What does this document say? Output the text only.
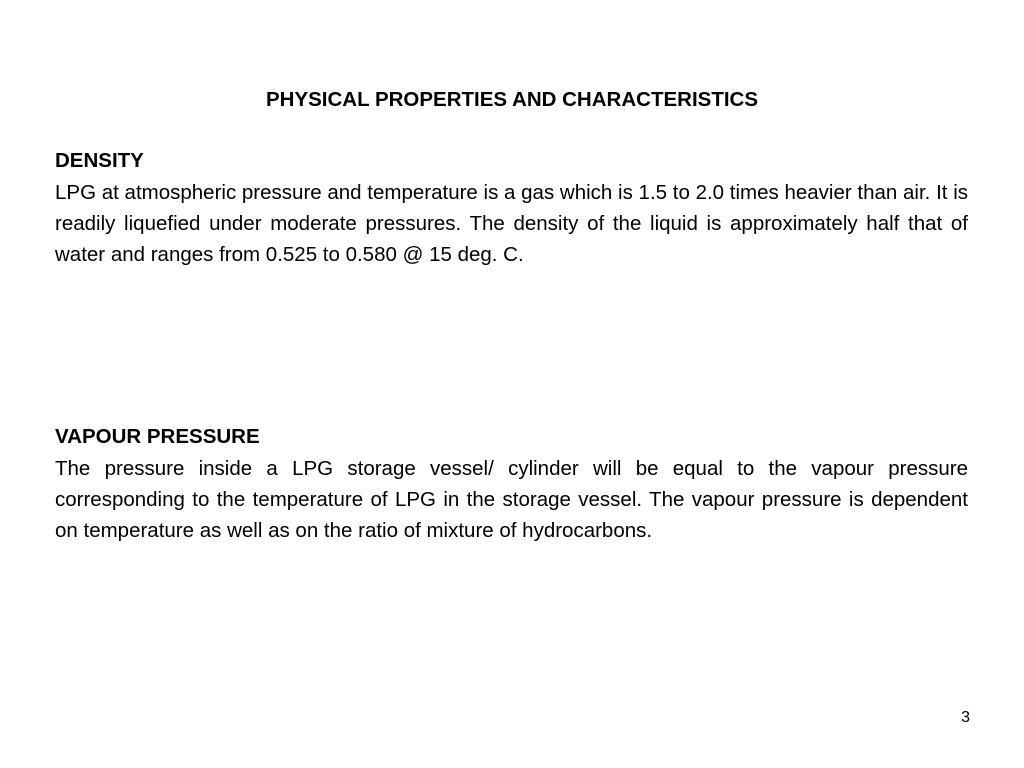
PHYSICAL PROPERTIES AND CHARACTERISTICS
DENSITY

LPG at atmospheric pressure and temperature is a gas which is 1.5 to 2.0 times heavier than air. It is readily liquefied under moderate pressures. The density of the liquid is approximately half that of water and ranges from 0.525 to 0.580 @ 15 deg. C.

VAPOUR PRESSURE

The pressure inside a LPG storage vessel/ cylinder will be equal to the vapour pressure corresponding to the temperature of LPG in the storage vessel. The vapour pressure is dependent on temperature as well as on the ratio of mixture of hydrocarbons.

3
